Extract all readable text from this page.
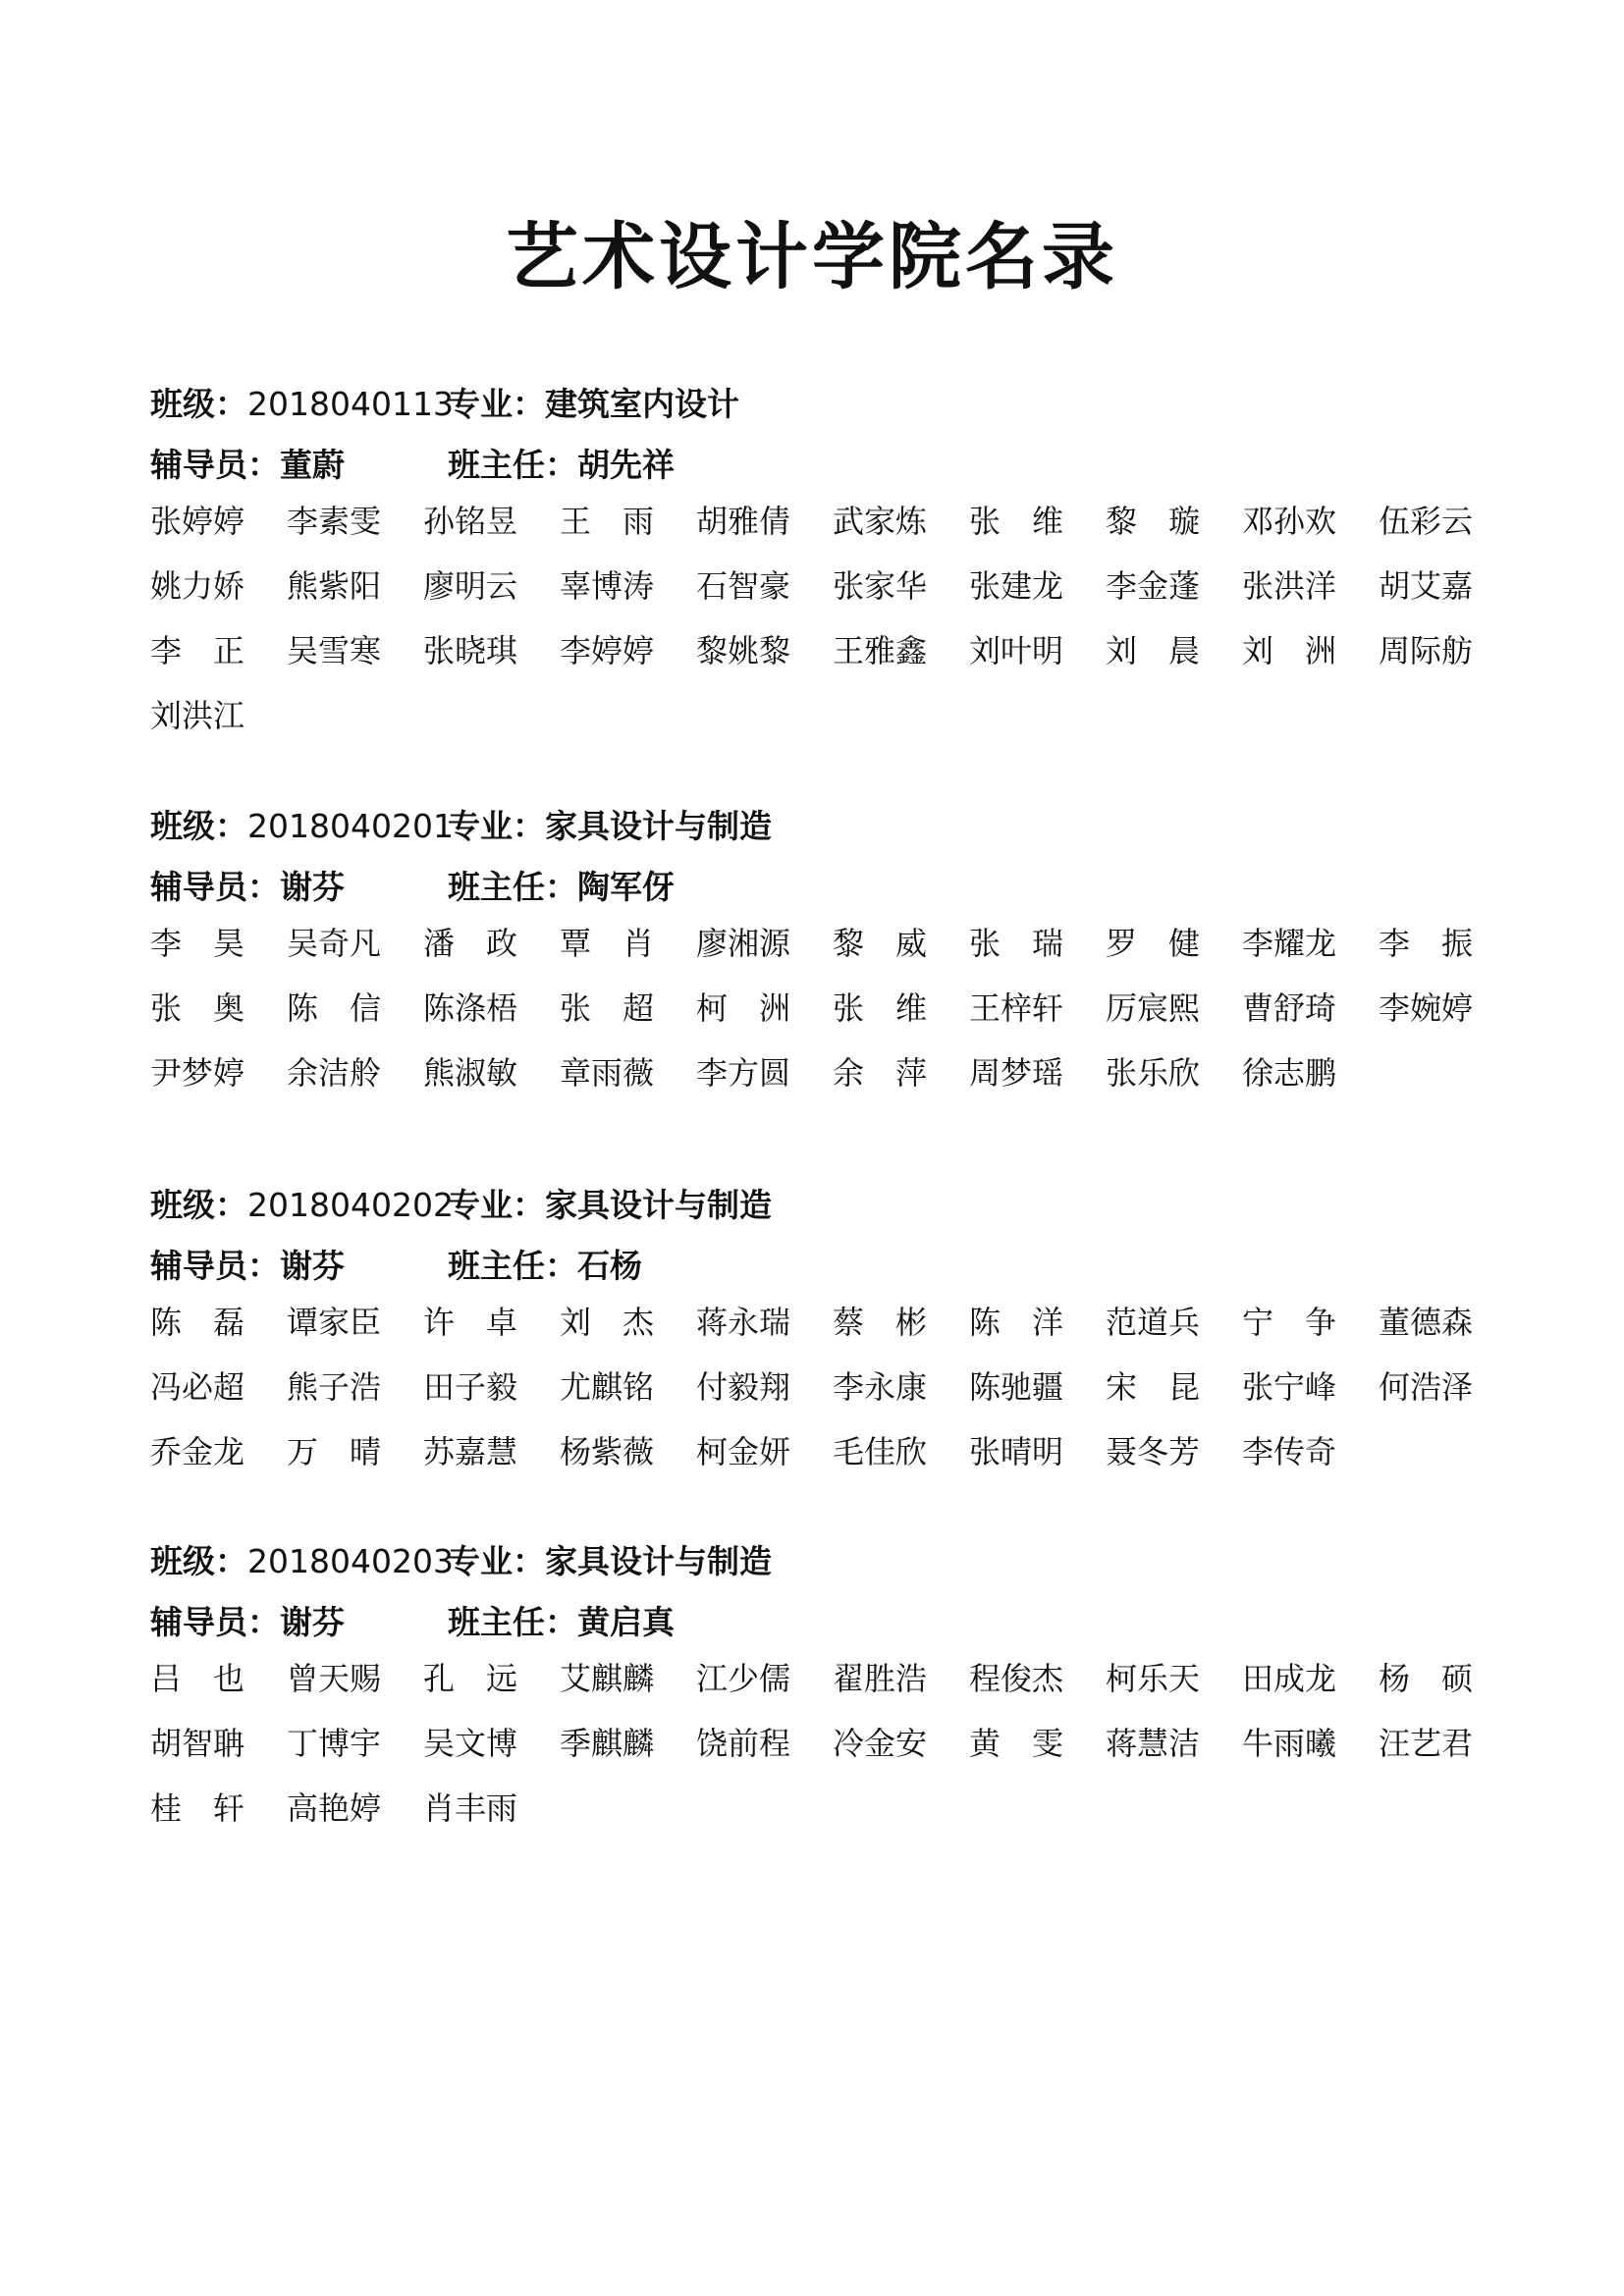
艺术设计学院名录
班级：2018040113
专业：建筑室内设计
辅导员：董蔚	班主任：胡先祥
张婷婷	李素雯	孙铭昱	王　雨	胡雅倩	武家炼	张　维	黎　璇	邓孙欢	伍彩云
姚力娇	熊紫阳	廖明云	辜博涛	石智豪	张家华	张建龙	李金蓬	张洪洋	胡艾嘉
李　正	吴雪寒	张晓琪	李婷婷	黎姚黎	王雅鑫	刘叶明	刘　晨	刘　洲	周际舫
刘洪江
班级：2018040201
专业：家具设计与制造
辅导员：谢芬	班主任：陶军伢
李　昊	吴奇凡	潘　政	覃　肖	廖湘源	黎　威	张　瑞	罗　健	李耀龙	李　振
张　奥	陈　信	陈涤梧	张　超	柯　洲	张　维	王梓轩	厉宸熙	曹舒琦	李婉婷
尹梦婷	余洁舲	熊淑敏	章雨薇	李方圆	余　萍	周梦瑶	张乐欣	徐志鹏
班级：2018040202
专业：家具设计与制造
辅导员：谢芬	班主任：石杨
陈　磊	谭家臣	许　卓	刘　杰	蒋永瑞	蔡　彬	陈　洋	范道兵	宁　争	董德森
冯必超	熊子浩	田子毅	尤麒铭	付毅翔	李永康	陈驰疆	宋　昆	张宁峰	何浩泽
乔金龙	万　晴	苏嘉慧	杨紫薇	柯金妍	毛佳欣	张晴明	聂冬芳	李传奇
班级：2018040203
专业：家具设计与制造
辅导员：谢芬	班主任：黄启真
吕　也	曾天赐	孔　远	艾麒麟	江少儒	翟胜浩	程俊杰	柯乐天	田成龙	杨　硕
胡智聃	丁博宇	吴文博	季麒麟	饶前程	冷金安	黄　雯	蒋慧洁	牛雨曦	汪艺君
桂　轩	高艳婷	肖丰雨
